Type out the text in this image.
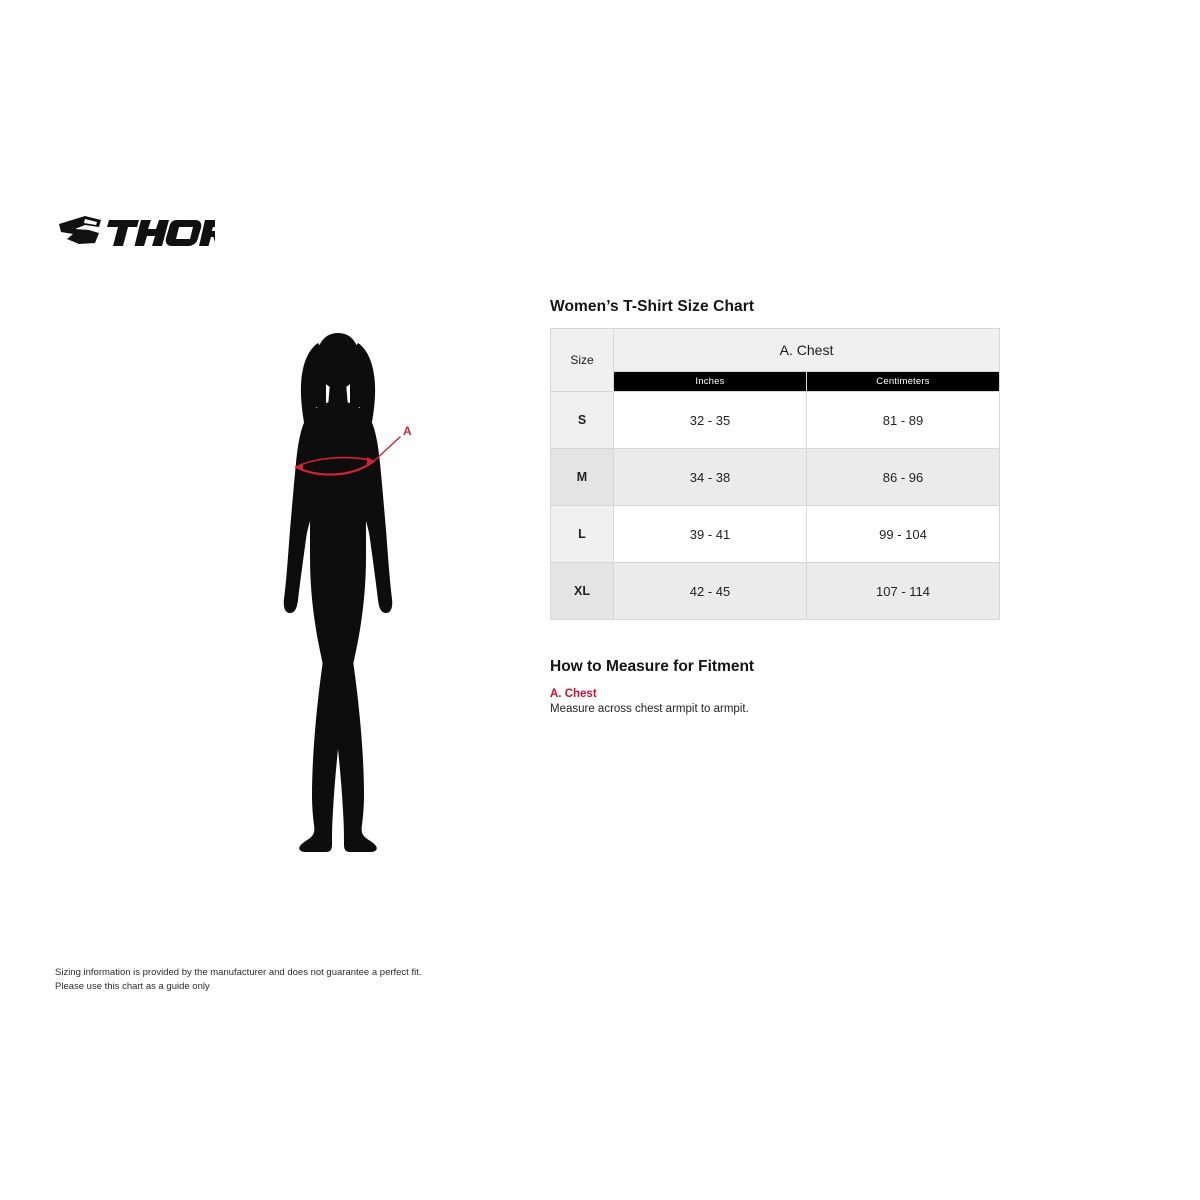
A
Women’s T-Shirt Size Chart
Size	A. Chest	
	Inches	Centimeters
S	32 - 35	81 - 89
M	34 - 38	86 - 96
L	39 - 41	99 - 104
XL	42 - 45	107 - 114
How to Measure for Fitment
A. Chest

Measure across chest armpit to armpit.

Sizing information is provided by the manufacturer and does not guarantee a perfect fit.
Please use this chart as a guide only
